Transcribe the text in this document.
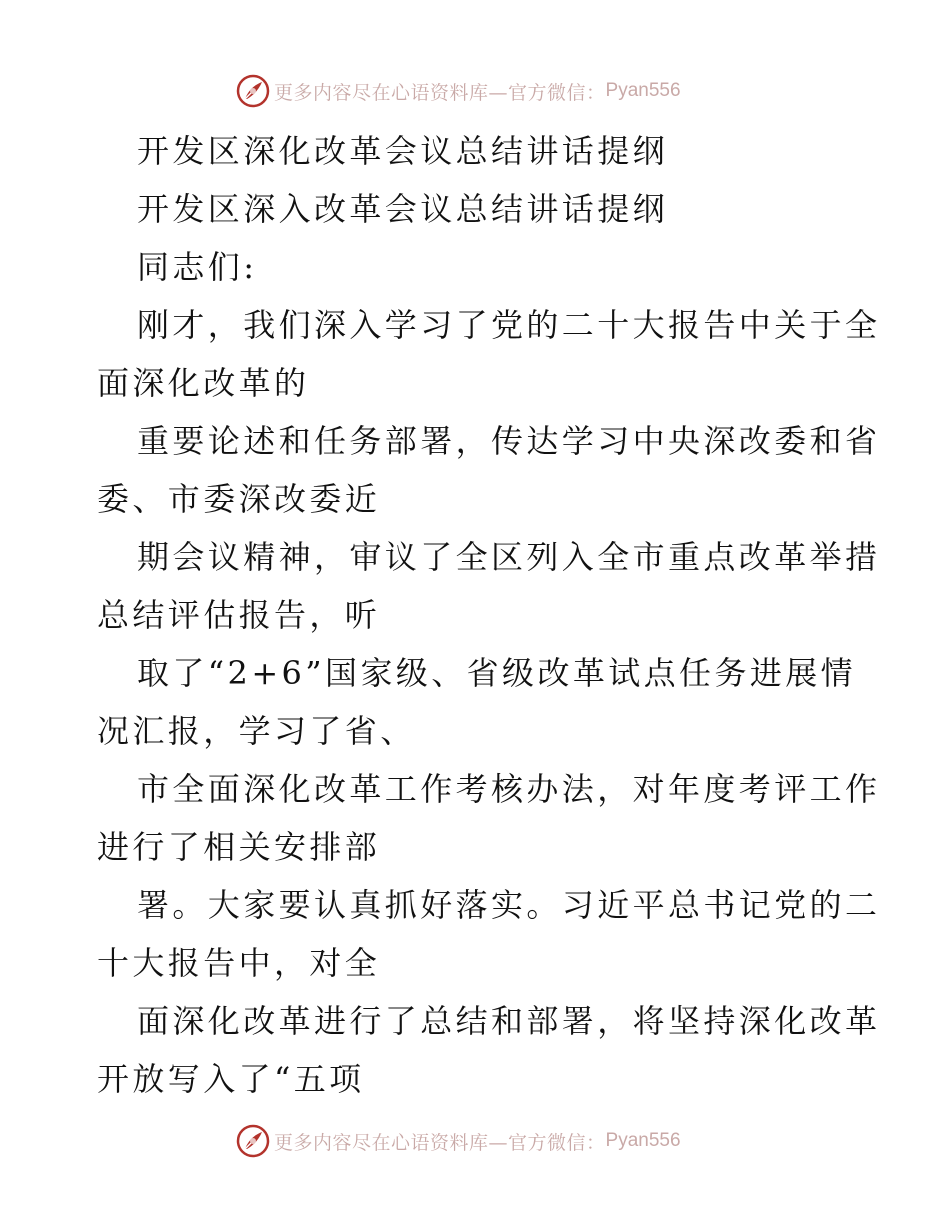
更多内容尽在心语资料库—官方微信： Pyan556
开发区深化改革会议总结讲话提纲
开发区深入改革会议总结讲话提纲
同志们:
刚才，我们深入学习了党的二十大报告中关于全
面深化改革的
重要论述和任务部署，传达学习中央深改委和省
委、市委深改委近
期会议精神，审议了全区列入全市重点改革举措
总结评估报告，听
取了“2+6”国家级、省级改革试点任务进展情
况汇报，学习了省、
市全面深化改革工作考核办法，对年度考评工作
进行了相关安排部
署。大家要认真抓好落实。习近平总书记党的二
十大报告中，对全
面深化改革进行了总结和部署，将坚持深化改革
开放写入了“五项
更多内容尽在心语资料库—官方微信： Pyan556
